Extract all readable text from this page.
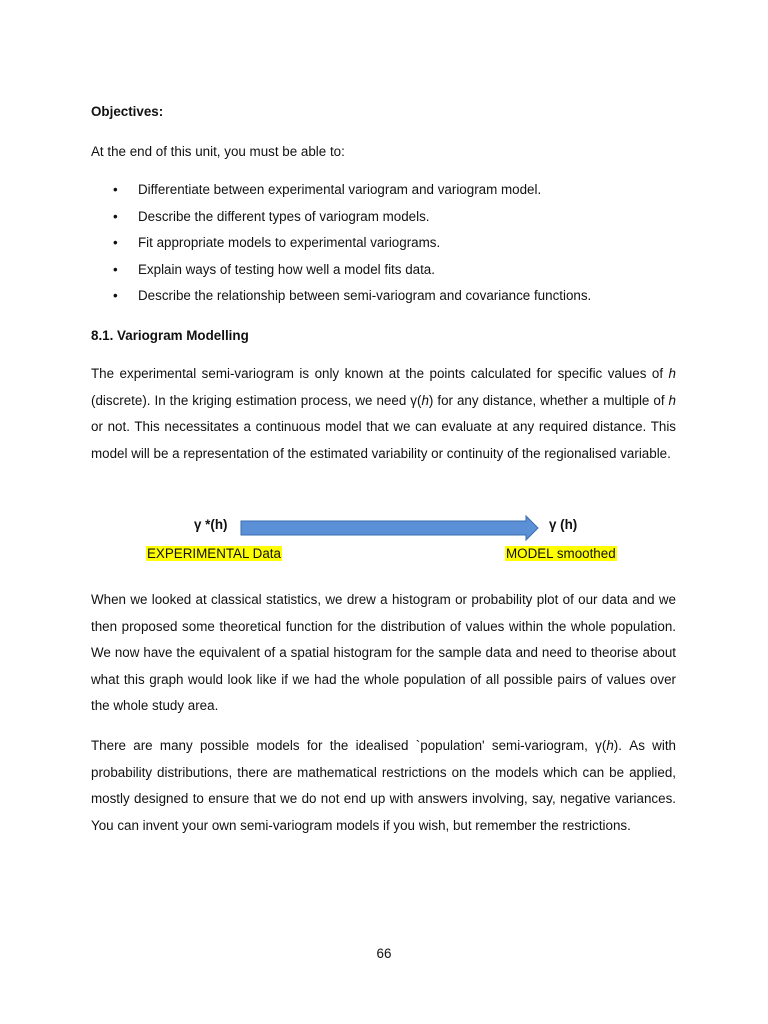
Objectives:
At the end of this unit, you must be able to:
• Differentiate between experimental variogram and variogram model.
• Describe the different types of variogram models.
• Fit appropriate models to experimental variograms.
• Explain ways of testing how well a model fits data.
• Describe the relationship between semi-variogram and covariance functions.
8.1. Variogram Modelling

The experimental semi-variogram is only known at the points calculated for specific values of h (discrete). In the kriging estimation process, we need γ(h) for any distance, whether a multiple of h or not. This necessitates a continuous model that we can evaluate at any required distance. This model will be a representation of the estimated variability or continuity of the regionalised variable.

γ *(h)	γ (h)
EXPERIMENTAL Data	MODEL smoothed

When we looked at classical statistics, we drew a histogram or probability plot of our data and we then proposed some theoretical function for the distribution of values within the whole population. We now have the equivalent of a spatial histogram for the sample data and need to theorise about what this graph would look like if we had the whole population of all possible pairs of values over the whole study area.

There are many possible models for the idealised `population' semi-variogram, γ(h). As with probability distributions, there are mathematical restrictions on the models which can be applied, mostly designed to ensure that we do not end up with answers involving, say, negative variances. You can invent your own semi-variogram models if you wish, but remember the restrictions.

66
